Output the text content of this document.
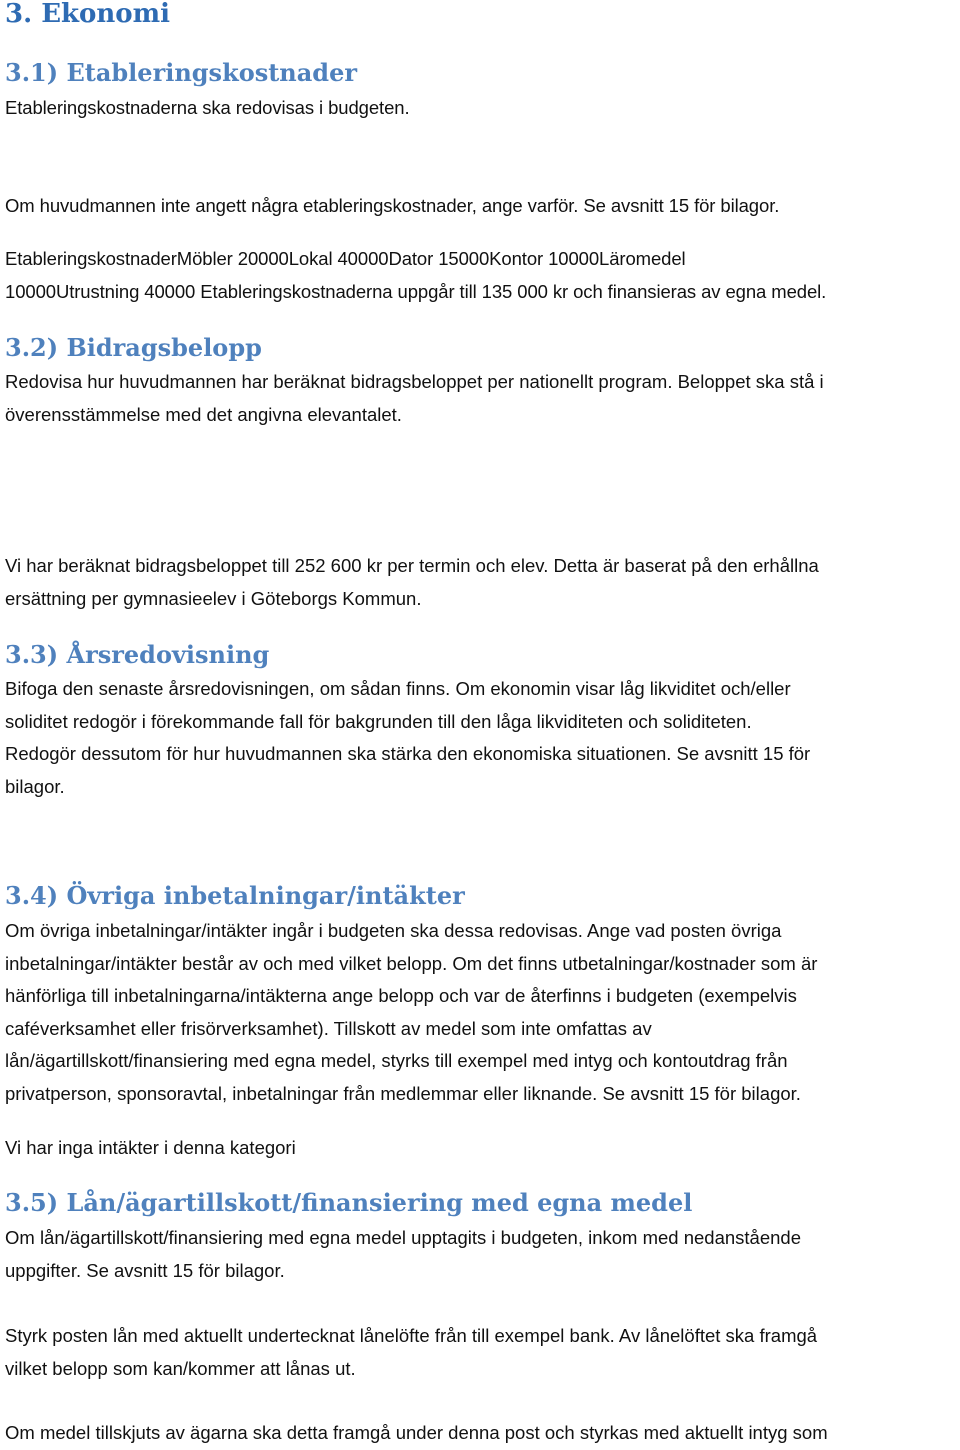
3. Ekonomi
3.1) Etableringskostnader

Etableringskostnaderna ska redovisas i budgeten.

Om huvudmannen inte angett några etableringskostnader, ange varför. Se avsnitt 15 för bilagor.

EtableringskostnaderMöbler 20000Lokal 40000Dator 15000Kontor 10000Läromedel
10000Utrustning 40000 Etableringskostnaderna uppgår till 135 000 kr och finansieras av egna medel.

3.2) Bidragsbelopp

Redovisa hur huvudmannen har beräknat bidragsbeloppet per nationellt program. Beloppet ska stå i
överensstämmelse med det angivna elevantalet.

Vi har beräknat bidragsbeloppet till 252 600 kr per termin och elev. Detta är baserat på den erhållna
ersättning per gymnasieelev i Göteborgs Kommun.

3.3) Årsredovisning

Bifoga den senaste årsredovisningen, om sådan finns. Om ekonomin visar låg likviditet och/eller
soliditet redogör i förekommande fall för bakgrunden till den låga likviditeten och soliditeten.
Redogör dessutom för hur huvudmannen ska stärka den ekonomiska situationen. Se avsnitt 15 för
bilagor.

3.4) Övriga inbetalningar/intäkter

Om övriga inbetalningar/intäkter ingår i budgeten ska dessa redovisas. Ange vad posten övriga
inbetalningar/intäkter består av och med vilket belopp. Om det finns utbetalningar/kostnader som är
hänförliga till inbetalningarna/intäkterna ange belopp och var de återfinns i budgeten (exempelvis
caféverksamhet eller frisörverksamhet). Tillskott av medel som inte omfattas av
lån/ägartillskott/finansiering med egna medel, styrks till exempel med intyg och kontoutdrag från
privatperson, sponsoravtal, inbetalningar från medlemmar eller liknande. Se avsnitt 15 för bilagor.

Vi har inga intäkter i denna kategori

3.5) Lån/ägartillskott/finansiering med egna medel

Om lån/ägartillskott/finansiering med egna medel upptagits i budgeten, inkom med nedanstående
uppgifter. Se avsnitt 15 för bilagor.

Styrk posten lån med aktuellt undertecknat lånelöfte från till exempel bank. Av lånelöftet ska framgå
vilket belopp som kan/kommer att lånas ut.

Om medel tillskjuts av ägarna ska detta framgå under denna post och styrkas med aktuellt intyg som
